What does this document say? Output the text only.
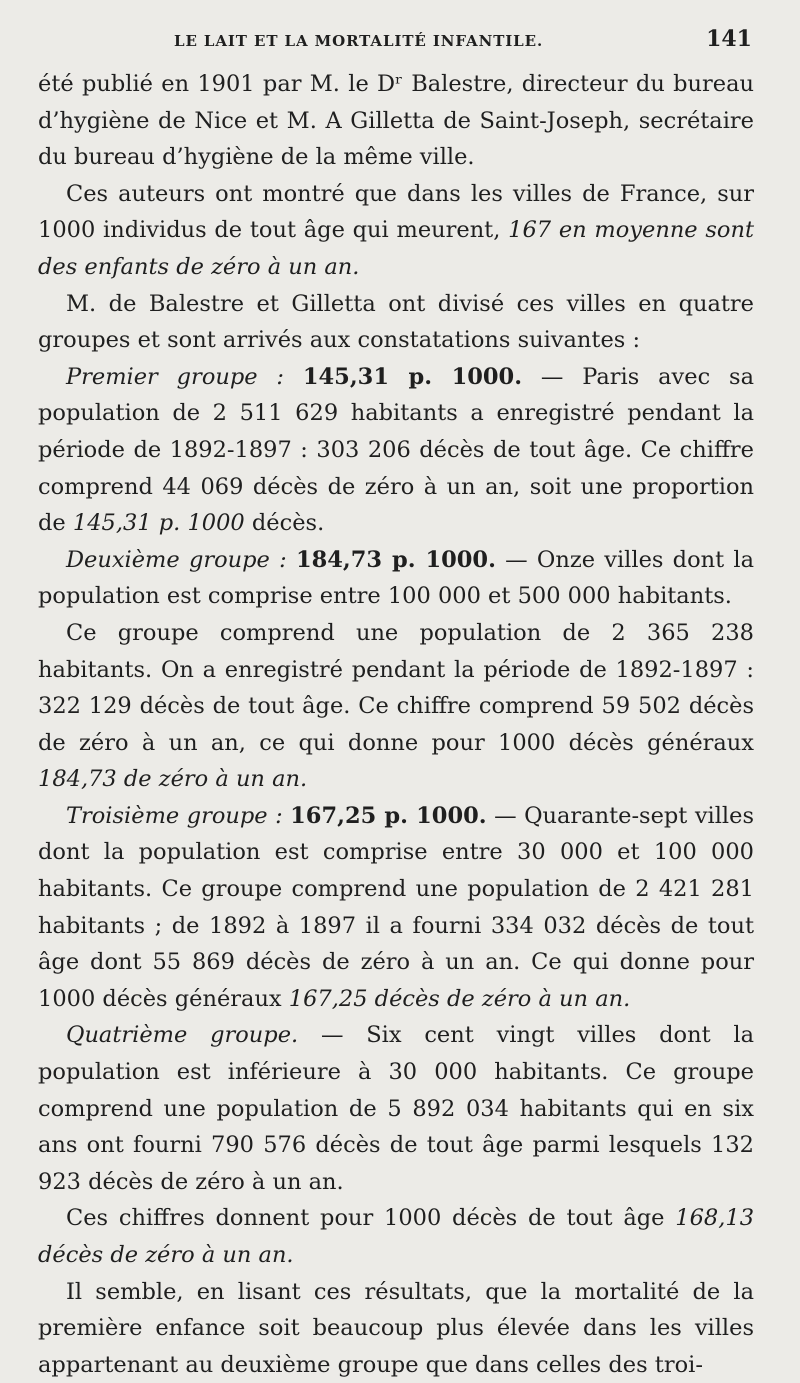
LE LAIT ET LA MORTALITÉ INFANTILE.	141

été publié en 1901 par M. le Dʳ Balestre, directeur du bureau d’hygiène de Nice et M. A Gilletta de Saint-Joseph, secrétaire du bureau d’hygiène de la même ville.

Ces auteurs ont montré que dans les villes de France, sur 1000 individus de tout âge qui meurent, 167 en moyenne sont des enfants de zéro à un an.

M. de Balestre et Gilletta ont divisé ces villes en quatre groupes et sont arrivés aux constatations suivantes :

Premier groupe : 145,31 p. 1000. — Paris avec sa population de 2 511 629 habitants a enregistré pendant la période de 1892-1897 : 303 206 décès de tout âge. Ce chiffre comprend 44 069 décès de zéro à un an, soit une proportion de 145,31 p. 1000 décès.

Deuxième groupe : 184,73 p. 1000. — Onze villes dont la population est comprise entre 100 000 et 500 000 habitants.

Ce groupe comprend une population de 2 365 238 habitants. On a enregistré pendant la période de 1892-1897 : 322 129 décès de tout âge. Ce chiffre comprend 59 502 décès de zéro à un an, ce qui donne pour 1000 décès généraux 184,73 de zéro à un an.

Troisième groupe : 167,25 p. 1000. — Quarante-sept villes dont la population est comprise entre 30 000 et 100 000 habitants. Ce groupe comprend une population de 2 421 281 habitants ; de 1892 à 1897 il a fourni 334 032 décès de tout âge dont 55 869 décès de zéro à un an. Ce qui donne pour 1000 décès généraux 167,25 décès de zéro à un an.

Quatrième groupe. — Six cent vingt villes dont la population est inférieure à 30 000 habitants. Ce groupe comprend une population de 5 892 034 habitants qui en six ans ont fourni 790 576 décès de tout âge parmi lesquels 132 923 décès de zéro à un an.

Ces chiffres donnent pour 1000 décès de tout âge 168,13 décès de zéro à un an.

Il semble, en lisant ces résultats, que la mortalité de la première enfance soit beaucoup plus élevée dans les villes appartenant au deuxième groupe que dans celles des troi-
